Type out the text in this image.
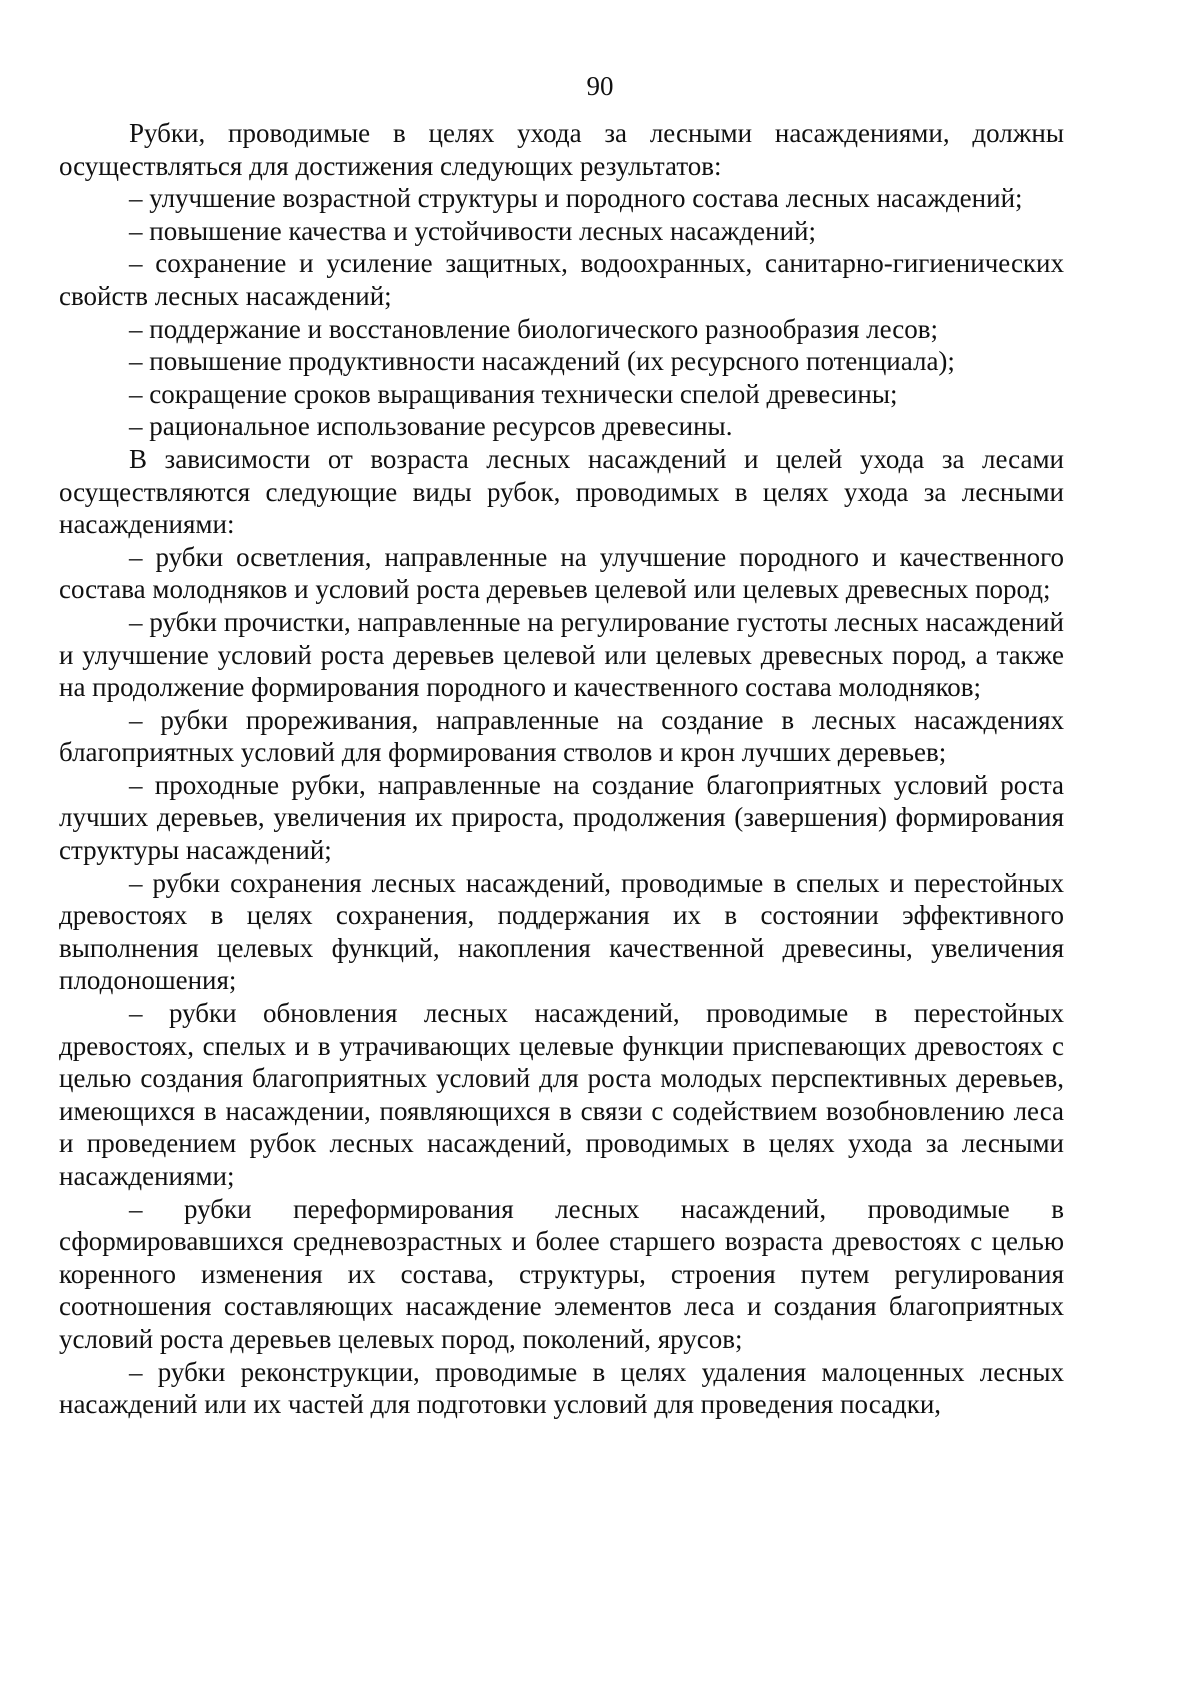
90

Рубки, проводимые в целях ухода за лесными насаждениями, должны осуществляться для достижения следующих результатов:

– улучшение возрастной структуры и породного состава лесных насаждений;

– повышение качества и устойчивости лесных насаждений;

– сохранение и усиление защитных, водоохранных, санитарно-гигиенических свойств лесных насаждений;

– поддержание и восстановление биологического разнообразия лесов;

– повышение продуктивности насаждений (их ресурсного потенциала);

– сокращение сроков выращивания технически спелой древесины;

– рациональное использование ресурсов древесины.

В зависимости от возраста лесных насаждений и целей ухода за лесами осуществляются следующие виды рубок, проводимых в целях ухода за лесными насаждениями:

– рубки осветления, направленные на улучшение породного и качественного состава молодняков и условий роста деревьев целевой или целевых древесных пород;

– рубки прочистки, направленные на регулирование густоты лесных насаждений и улучшение условий роста деревьев целевой или целевых древесных пород, а также на продолжение формирования породного и качественного состава молодняков;

– рубки прореживания, направленные на создание в лесных насаждениях благоприятных условий для формирования стволов и крон лучших деревьев;

– проходные рубки, направленные на создание благоприятных условий роста лучших деревьев, увеличения их прироста, продолжения (завершения) формирования структуры насаждений;

– рубки сохранения лесных насаждений, проводимые в спелых и перестойных древостоях в целях сохранения, поддержания их в состоянии эффективного выполнения целевых функций, накопления качественной древесины, увеличения плодоношения;

– рубки обновления лесных насаждений, проводимые в перестойных древостоях, спелых и в утрачивающих целевые функции приспевающих древостоях с целью создания благоприятных условий для роста молодых перспективных деревьев, имеющихся в насаждении, появляющихся в связи с содействием возобновлению леса и проведением рубок лесных насаждений, проводимых в целях ухода за лесными насаждениями;

– рубки переформирования лесных насаждений, проводимые в сформировавшихся средневозрастных и более старшего возраста древостоях с целью коренного изменения их состава, структуры, строения путем регулирования соотношения составляющих насаждение элементов леса и создания благоприятных условий роста деревьев целевых пород, поколений, ярусов;

– рубки реконструкции, проводимые в целях удаления малоценных лесных насаждений или их частей для подготовки условий для проведения посадки,
